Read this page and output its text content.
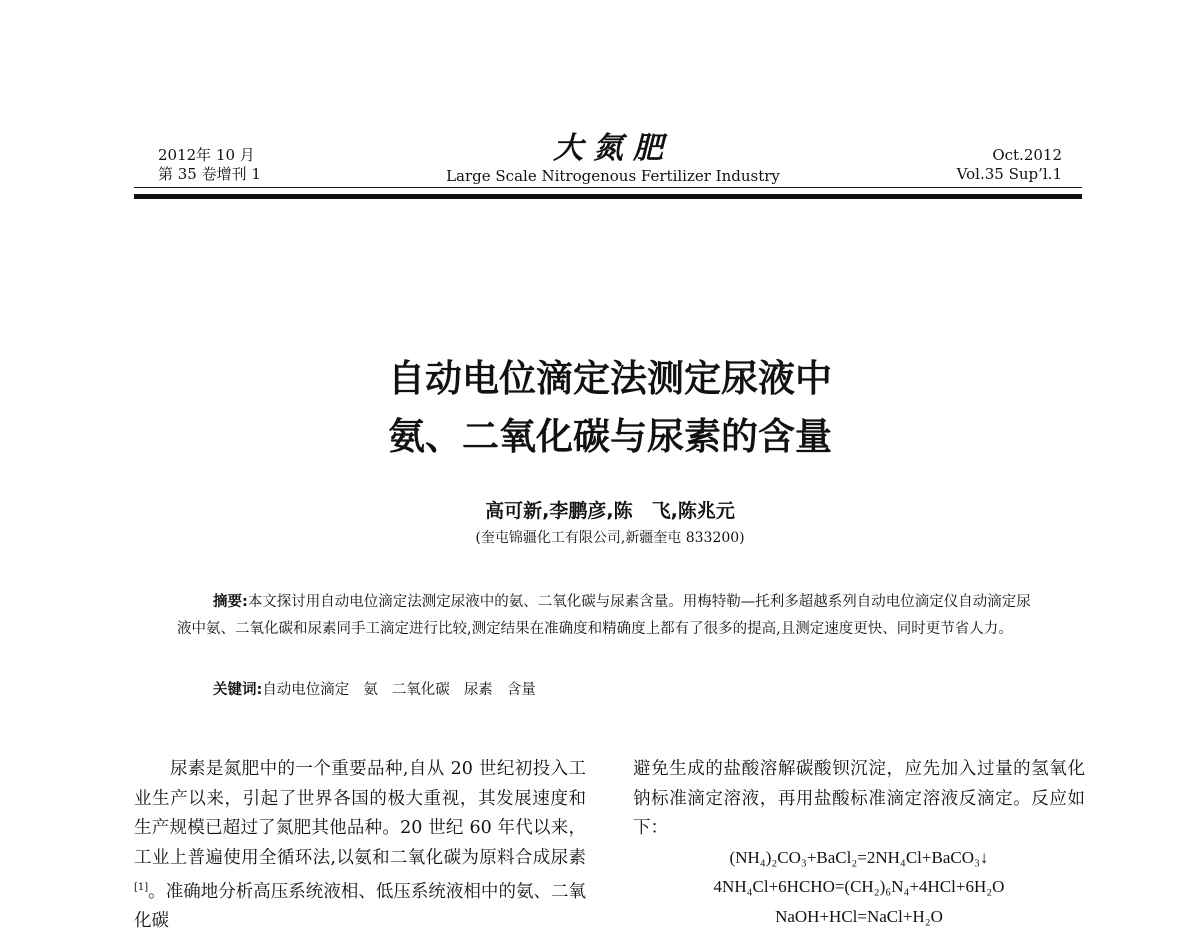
2012年 10 月
第 35 卷增刊 1
大氮肥
Large Scale Nitrogenous Fertilizer Industry
Oct.2012
Vol.35 Sup’l.1
自动电位滴定法测定尿液中
氨、二氧化碳与尿素的含量
高可新,李鹏彦,陈　飞,陈兆元
(奎屯锦疆化工有限公司,新疆奎屯 833200)
摘要:本文探讨用自动电位滴定法测定尿液中的氨、二氧化碳与尿素含量。用梅特勒—托利多超越系列自动电位滴定仪自动滴定尿液中氨、二氧化碳和尿素同手工滴定进行比较,测定结果在准确度和精确度上都有了很多的提高,且测定速度更快、同时更节省人力。
关键词:自动电位滴定 氨 二氧化碳 尿素 含量
尿素是氮肥中的一个重要品种,自从 20 世纪初投入工业生产以来，引起了世界各国的极大重视，其发展速度和生产规模已超过了氮肥其他品种。20 世纪 60 年代以来，工业上普遍使用全循环法,以氨和二氧化碳为原料合成尿素[1]。准确地分析高压系统液相、低压系统液相中的氨、二氧化碳
避免生成的盐酸溶解碳酸钡沉淀，应先加入过量的氢氧化钠标准滴定溶液，再用盐酸标准滴定溶液反滴定。反应如下：
(NH₄)₂CO₃+BaCl₂=2NH₄Cl+BaCO₃↓
4NH₄Cl+6HCHO=(CH₂)₆N₄+4HCl+6H₂O
NaOH+HCl=NaCl+H₂O
